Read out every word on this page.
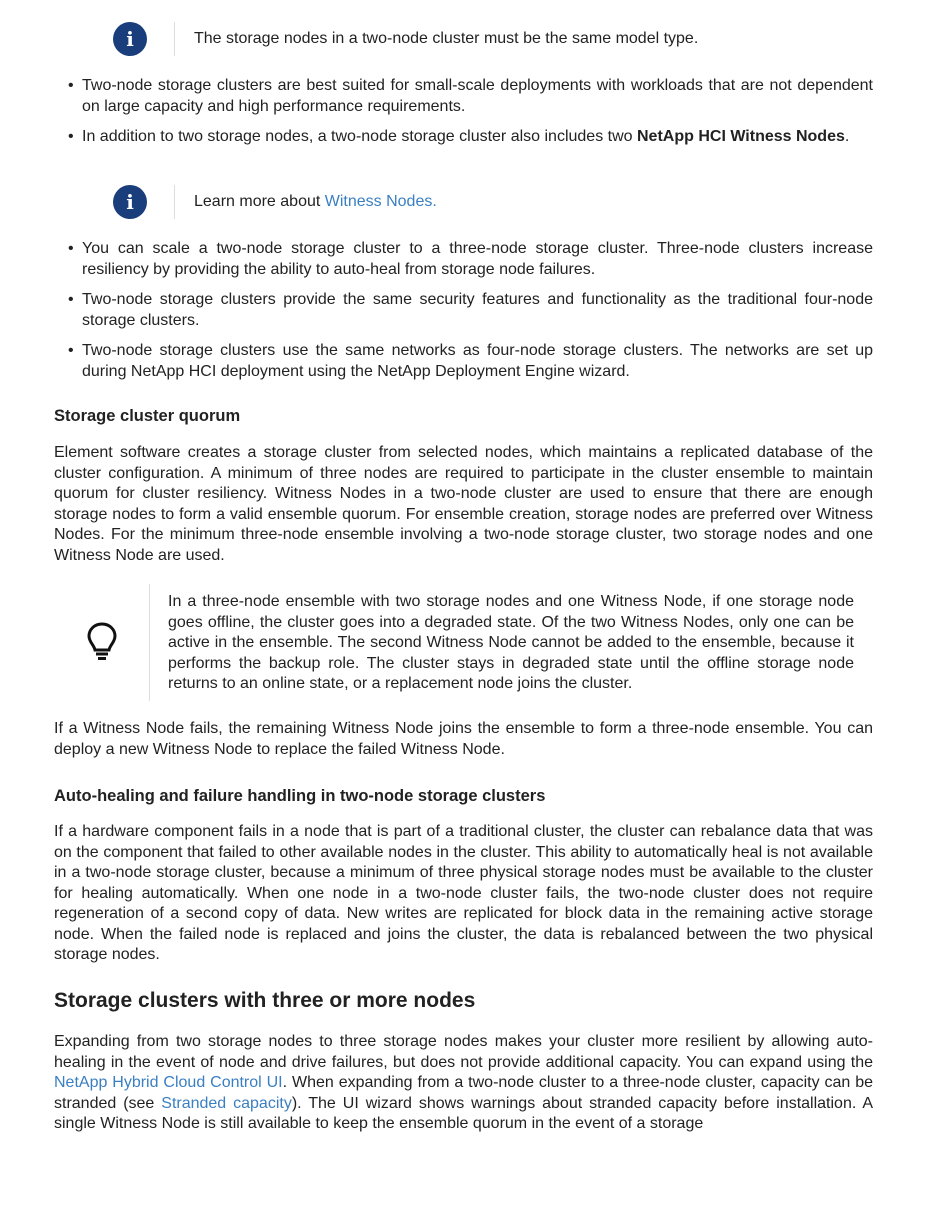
i	The storage nodes in a two-node cluster must be the same model type.
• Two-node storage clusters are best suited for small-scale deployments with workloads that are not dependent on large capacity and high performance requirements.
• In addition to two storage nodes, a two-node storage cluster also includes two NetApp HCI Witness Nodes.
i	Learn more about Witness Nodes.
• You can scale a two-node storage cluster to a three-node storage cluster. Three-node clusters increase resiliency by providing the ability to auto-heal from storage node failures.
• Two-node storage clusters provide the same security features and functionality as the traditional four-node storage clusters.
• Two-node storage clusters use the same networks as four-node storage clusters. The networks are set up during NetApp HCI deployment using the NetApp Deployment Engine wizard.
Storage cluster quorum

Element software creates a storage cluster from selected nodes, which maintains a replicated database of the cluster configuration. A minimum of three nodes are required to participate in the cluster ensemble to maintain quorum for cluster resiliency. Witness Nodes in a two-node cluster are used to ensure that there are enough storage nodes to form a valid ensemble quorum. For ensemble creation, storage nodes are preferred over Witness Nodes. For the minimum three-node ensemble involving a two-node storage cluster, two storage nodes and one Witness Node are used.

In a three-node ensemble with two storage nodes and one Witness Node, if one storage node goes offline, the cluster goes into a degraded state. Of the two Witness Nodes, only one can be active in the ensemble. The second Witness Node cannot be added to the ensemble, because it performs the backup role. The cluster stays in degraded state until the offline storage node returns to an online state, or a replacement node joins the cluster.

If a Witness Node fails, the remaining Witness Node joins the ensemble to form a three-node ensemble. You can deploy a new Witness Node to replace the failed Witness Node.

Auto-healing and failure handling in two-node storage clusters

If a hardware component fails in a node that is part of a traditional cluster, the cluster can rebalance data that was on the component that failed to other available nodes in the cluster. This ability to automatically heal is not available in a two-node storage cluster, because a minimum of three physical storage nodes must be available to the cluster for healing automatically. When one node in a two-node cluster fails, the two-node cluster does not require regeneration of a second copy of data. New writes are replicated for block data in the remaining active storage node. When the failed node is replaced and joins the cluster, the data is rebalanced between the two physical storage nodes.

Storage clusters with three or more nodes

Expanding from two storage nodes to three storage nodes makes your cluster more resilient by allowing auto-healing in the event of node and drive failures, but does not provide additional capacity. You can expand using the NetApp Hybrid Cloud Control UI. When expanding from a two-node cluster to a three-node cluster, capacity can be stranded (see Stranded capacity). The UI wizard shows warnings about stranded capacity before installation. A single Witness Node is still available to keep the ensemble quorum in the event of a storage
